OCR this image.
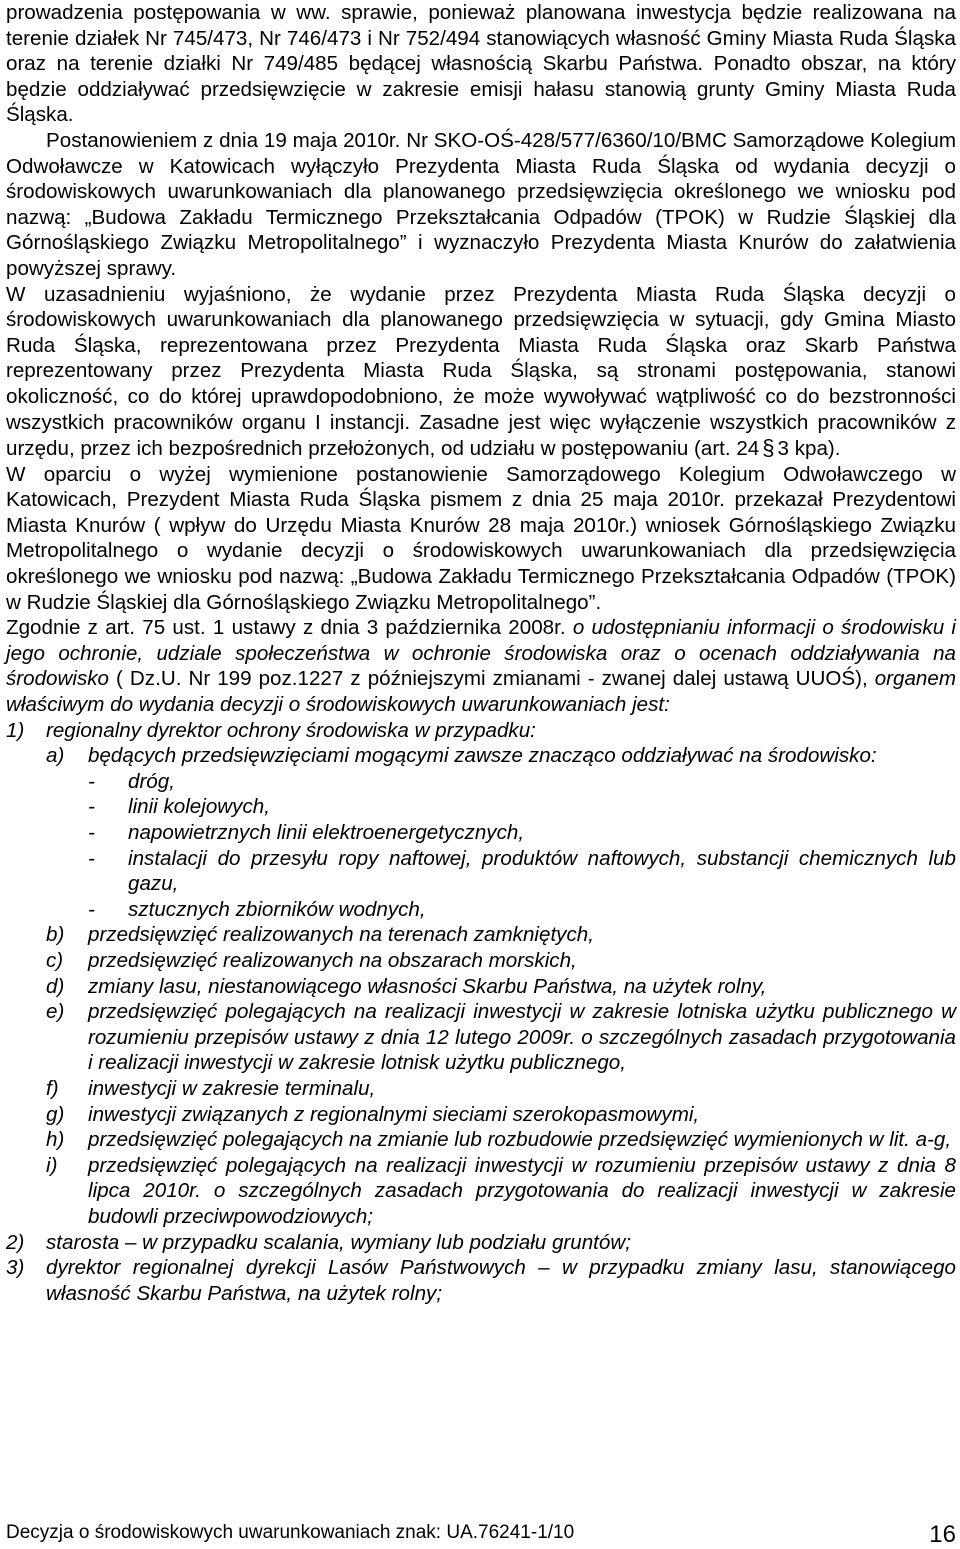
prowadzenia postępowania w ww. sprawie, ponieważ planowana inwestycja będzie realizowana na terenie działek Nr 745/473, Nr 746/473 i Nr 752/494 stanowiących własność Gminy Miasta Ruda Śląska oraz na terenie działki Nr 749/485 będącej własnością Skarbu Państwa. Ponadto obszar, na który będzie oddziaływać przedsięwzięcie w zakresie emisji hałasu stanowią grunty Gminy Miasta Ruda Śląska.

Postanowieniem z dnia 19 maja 2010r. Nr SKO-OŚ-428/577/6360/10/BMC Samorządowe Kolegium Odwoławcze w Katowicach wyłączyło Prezydenta Miasta Ruda Śląska od wydania decyzji o środowiskowych uwarunkowaniach dla planowanego przedsięwzięcia określonego we wniosku pod nazwą: „Budowa Zakładu Termicznego Przekształcania Odpadów (TPOK) w Rudzie Śląskiej dla Górnośląskiego Związku Metropolitalnego” i wyznaczyło Prezydenta Miasta Knurów do załatwienia powyższej sprawy.

W uzasadnieniu wyjaśniono, że wydanie przez Prezydenta Miasta Ruda Śląska decyzji o środowiskowych uwarunkowaniach dla planowanego przedsięwzięcia w sytuacji, gdy Gmina Miasto Ruda Śląska, reprezentowana przez Prezydenta Miasta Ruda Śląska oraz Skarb Państwa reprezentowany przez Prezydenta Miasta Ruda Śląska, są stronami postępowania, stanowi okoliczność, co do której uprawdopodobniono, że może wywoływać wątpliwość co do bezstronności wszystkich pracowników organu I instancji. Zasadne jest więc wyłączenie wszystkich pracowników z urzędu, przez ich bezpośrednich przełożonych, od udziału w postępowaniu (art. 24 § 3 kpa).

W oparciu o wyżej wymienione postanowienie Samorządowego Kolegium Odwoławczego w Katowicach, Prezydent Miasta Ruda Śląska pismem z dnia 25 maja 2010r. przekazał Prezydentowi Miasta Knurów ( wpływ do Urzędu Miasta Knurów 28 maja 2010r.) wniosek Górnośląskiego Związku Metropolitalnego o wydanie decyzji o środowiskowych uwarunkowaniach dla przedsięwzięcia określonego we wniosku pod nazwą: „Budowa Zakładu Termicznego Przekształcania Odpadów (TPOK) w Rudzie Śląskiej dla Górnośląskiego Związku Metropolitalnego”.

Zgodnie z art. 75 ust. 1 ustawy z dnia 3 października 2008r. o udostępnianiu informacji o środowisku i jego ochronie, udziale społeczeństwa w ochronie środowiska oraz o ocenach oddziaływania na środowisko ( Dz.U. Nr 199 poz.1227 z późniejszymi zmianami - zwanej dalej ustawą UUOŚ), organem właściwym do wydania decyzji o środowiskowych uwarunkowaniach jest:

1)	regionalny dyrektor ochrony środowiska w przypadku:
a)	będących przedsięwzięciami mogącymi zawsze znacząco oddziaływać na środowisko:
-	dróg,
-	linii kolejowych,
-	napowietrznych linii elektroenergetycznych,
-	instalacji do przesyłu ropy naftowej, produktów naftowych, substancji chemicznych lub gazu,
-	sztucznych zbiorników wodnych,
b)	przedsięwzięć realizowanych na terenach zamkniętych,
c)	przedsięwzięć realizowanych na obszarach morskich,
d)	zmiany lasu, niestanowiącego własności Skarbu Państwa, na użytek rolny,
e)	przedsięwzięć polegających na realizacji inwestycji w zakresie lotniska użytku publicznego w rozumieniu przepisów ustawy z dnia 12 lutego 2009r. o szczególnych zasadach przygotowania i realizacji inwestycji w zakresie lotnisk użytku publicznego,
f)	inwestycji w zakresie terminalu,
g)	inwestycji związanych z regionalnymi sieciami szerokopasmowymi,
h)	przedsięwzięć polegających na zmianie lub rozbudowie przedsięwzięć wymienionych w lit. a-g,
i)	przedsięwzięć polegających na realizacji inwestycji w rozumieniu przepisów ustawy z dnia 8 lipca 2010r. o szczególnych zasadach przygotowania do realizacji inwestycji w zakresie budowli przeciwpowodziowych;
2)	starosta – w przypadku scalania, wymiany lub podziału gruntów;
3)	dyrektor regionalnej dyrekcji Lasów Państwowych – w przypadku zmiany lasu, stanowiącego własność Skarbu Państwa, na użytek rolny;
Decyzja o środowiskowych uwarunkowaniach znak: UA.76241-1/10	16
